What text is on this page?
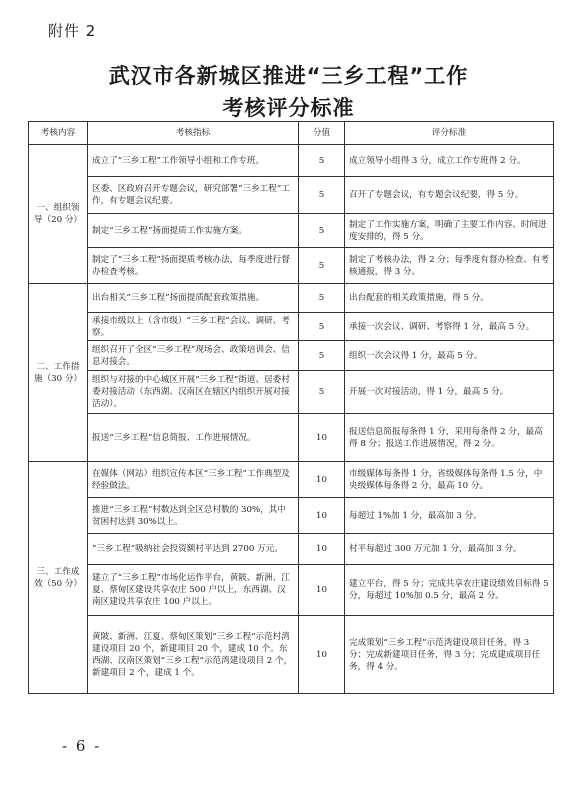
附件 2
武汉市各新城区推进“三乡工程”工作
考核评分标准
考核内容	考核指标	分值	评分标准
一、组织领导（20 分）	成立了“三乡工程”工作领导小组和工作专班。	5	成立领导小组得 3 分，成立工作专班得 2 分。
	区委、区政府召开专题会议，研究部署“三乡工程”工作，有专题会议纪要。	5	召开了专题会议，有专题会议纪要，得 5 分。
	制定“三乡工程”扬面提质工作实施方案。	5	制定了工作实施方案，明确了主要工作内容、时间进度安排的，得 5 分。
	制定了“三乡工程”扬面提质考核办法，每季度进行督办检查考核。	5	制定了考核办法，得 2 分；每季度有督办检查、有考核通报，得 3 分。
二、工作措施（30 分）	出台相关“三乡工程”扬面提质配套政策措施。	5	出台配套的相关政策措施，得 5 分。
	承接市级以上（含市级）“三乡工程”会议、调研、考察。	5	承接一次会议、调研、考察得 1 分，最高 5 分。
	组织召开了全区“三乡工程”现场会、政策培训会、信息对接会。	5	组织一次会议得 1 分，最高 5 分。
	组织与对接的中心城区开展“三乡工程”街道、居委村委对接活动（东西湖、汉南区在辖区内组织开展对接活动）。	5	开展一次对接活动，得 1 分，最高 5 分。
	报送“三乡工程”信息简报、工作进展情况。	10	报送信息简报每条得 1 分，采用每条得 2 分，最高得 8 分；报送工作进展情况，得 2 分。
三、工作成效（50 分）	在媒体（网站）组织宣传本区“三乡工程”工作典型及经验做法。	10	市级媒体每条得 1 分，省级媒体每条得 1.5 分，中央级媒体每条得 2 分，最高 10 分。
	推进“三乡工程”村数达到全区总村数的 30%，其中贫困村达到 30%以上。	10	每超过 1%加 1 分，最高加 3 分。
	“三乡工程”吸纳社会投资额村平达到 2700 万元。	10	村平每超过 300 万元加 1 分，最高加 3 分。
	建立了“三乡工程”市场化运作平台，黄陂、新洲、江夏、蔡甸区建设共享农庄 500 户以上，东西湖、汉南区建设共享农庄 100 户以上。	10	建立平台，得 5 分；完成共享农庄建设绩效目标得 5 分，每超过 10%加 0.5 分，最高 2 分。
	黄陂、新洲、江夏、蔡甸区策划“三乡工程”示范村湾建设项目 20 个，新建项目 20 个，建成 10 个。东西湖、汉南区策划“三乡工程”示范湾建设项目 2 个，新建项目 2 个，建成 1 个。	10	完成策划“三乡工程”示范湾建设项目任务，得 3 分；完成新建项目任务，得 3 分；完成建成项目任务，得 4 分。
- 6 -
